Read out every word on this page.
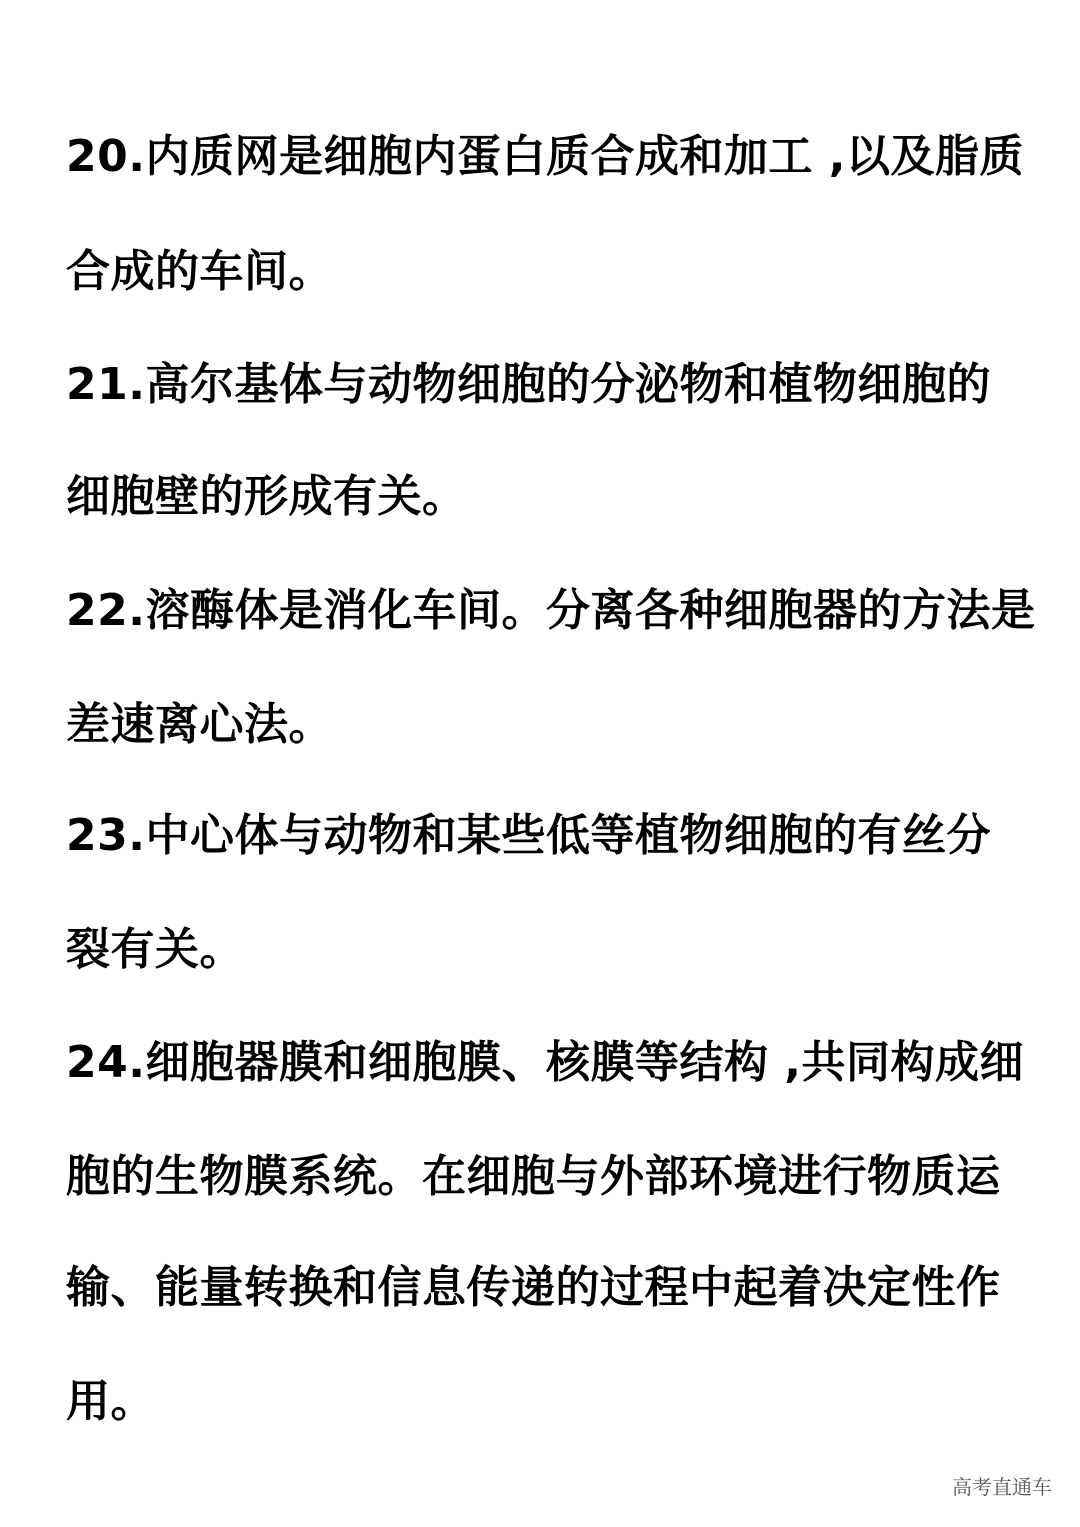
20.内质网是细胞内蛋白质合成和加工 ,以及脂质

合成的车间。

21.高尔基体与动物细胞的分泌物和植物细胞的

细胞壁的形成有关。

22.溶酶体是消化车间。分离各种细胞器的方法是

差速离心法。

23.中心体与动物和某些低等植物细胞的有丝分

裂有关。

24.细胞器膜和细胞膜、核膜等结构 ,共同构成细

胞的生物膜系统。在细胞与外部环境进行物质运

输、能量转换和信息传递的过程中起着决定性作

用。

高考直通车
